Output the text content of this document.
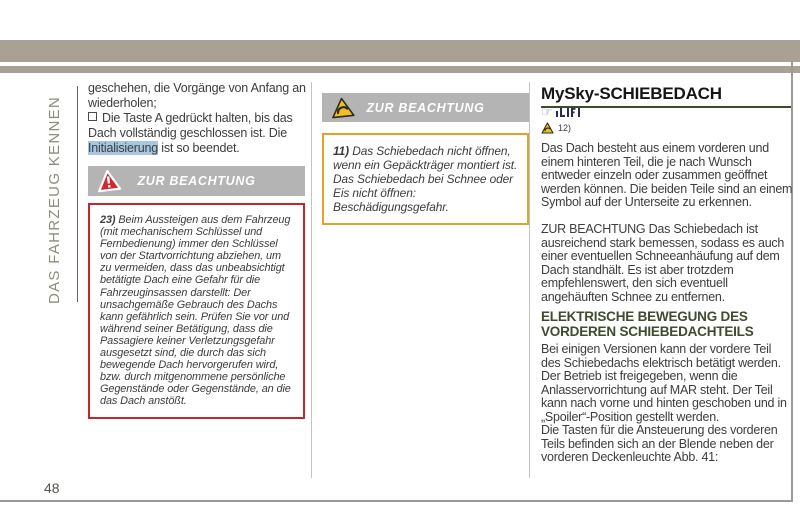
DAS FAHRZEUG KENNEN
48
geschehen, die Vorgänge von Anfang an wiederholen;
Die Taste A gedrückt halten, bis das Dach vollständig geschlossen ist. Die Initialisierung ist so beendet.
ZUR BEACHTUNG
23) Beim Aussteigen aus dem Fahrzeug (mit mechanischem Schlüssel und Fernbedienung) immer den Schlüssel von der Startvorrichtung abziehen, um zu vermeiden, dass das unbeabsichtigt betätigte Dach eine Gefahr für die Fahrzeuginsassen darstellt: Der unsachgemäße Gebrauch des Dachs kann gefährlich sein. Prüfen Sie vor und während seiner Betätigung, dass die Passagiere keiner Verletzungsgefahr ausgesetzt sind, die durch das sich bewegende Dach hervorgerufen wird, bzw. durch mitgenommene persönliche Gegenstände oder Gegenstände, an die das Dach anstößt.
ZUR BEACHTUNG
11) Das Schiebedach nicht öffnen, wenn ein Gepäckträger montiert ist. Das Schiebedach bei Schnee oder Eis nicht öffnen: Beschädigungsgefahr.
MySky-SCHIEBEDACH
☞
12)
Das Dach besteht aus einem vorderen und einem hinteren Teil, die je nach Wunsch entweder einzeln oder zusammen geöffnet werden können. Die beiden Teile sind an einem Symbol auf der Unterseite zu erkennen.
ZUR BEACHTUNG Das Schiebedach ist ausreichend stark bemessen, sodass es auch einer eventuellen Schneeanhäufung auf dem Dach standhält. Es ist aber trotzdem empfehlenswert, den sich eventuell angehäuften Schnee zu entfernen.
ELEKTRISCHE BEWEGUNG DES VORDEREN SCHIEBEDACHTEILS
Bei einigen Versionen kann der vordere Teil des Schiebedachs elektrisch betätigt werden. Der Betrieb ist freigegeben, wenn die Anlasservorrichtung auf MAR steht. Der Teil kann nach vorne und hinten geschoben und in „Spoiler“-Position gestellt werden.
Die Tasten für die Ansteuerung des vorderen Teils befinden sich an der Blende neben der vorderen Deckenleuchte Abb. 41:
